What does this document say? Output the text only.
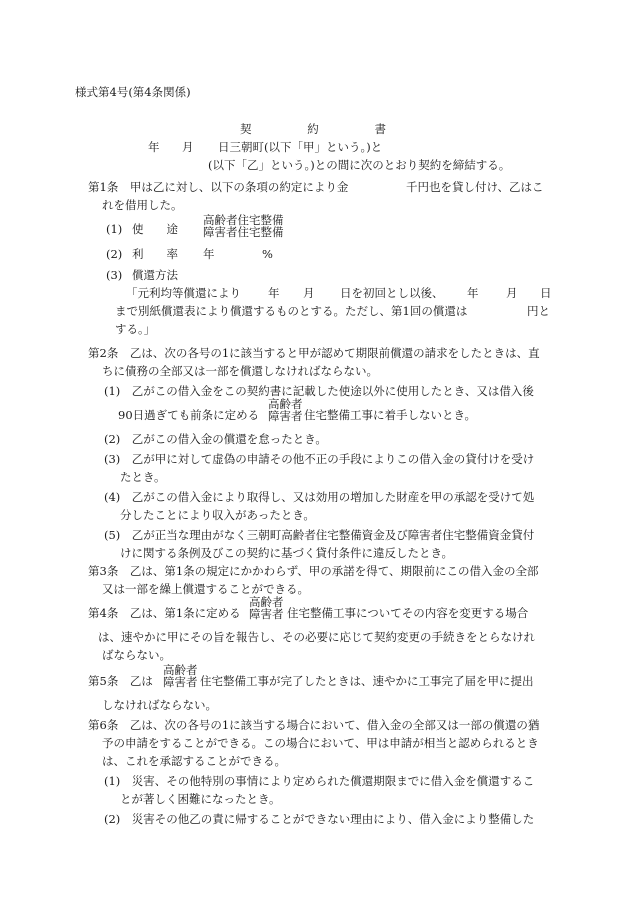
様式第4号(第4条関係)
契	約	書
年 月 日三朝町(以下「甲」という。)と
(以下「乙」という。)との間に次のとおり契約を締結する。
第1条　甲は乙に対し、以下の条項の約定により金	千円也を貸し付け、乙はこ
れを借用した。
(1) 使　　途
高齢者住宅整備
障害者住宅整備
(2) 利　　率 年	%
(3) 償還方法
「元利均等償還により 年 月 日を初回とし以後、 年 月 日
まで別紙償還表により償還するものとする。ただし、第1回の償還は	円と
する。」
第2条　乙は、次の各号の1に該当すると甲が認めて期限前償還の請求をしたときは、直
ちに債務の全部又は一部を償還しなければならない。
(1)　乙がこの借入金をこの契約書に記載した使途以外に使用したとき、又は借入後
90日過ぎても前条に定める
高齢者
障害者 住宅整備工事に着手しないとき。
(2)　乙がこの借入金の償還を怠ったとき。
(3)　乙が甲に対して虚偽の申請その他不正の手段によりこの借入金の貸付けを受け
たとき。
(4)　乙がこの借入金により取得し、又は効用の増加した財産を甲の承認を受けて処
分したことにより収入があったとき。
(5)　乙が正当な理由がなく三朝町高齢者住宅整備資金及び障害者住宅整備資金貸付
けに関する条例及びこの契約に基づく貸付条件に違反したとき。
第3条　乙は、第1条の規定にかかわらず、甲の承諾を得て、期限前にこの借入金の全部
又は一部を繰上償還することができる。
第4条　乙は、第1条に定める
高齢者
障害者 住宅整備工事についてその内容を変更する場合
は、速やかに甲にその旨を報告し、その必要に応じて契約変更の手続きをとらなけれ
ばならない。
第5条　乙は
高齢者
障害者 住宅整備工事が完了したときは、速やかに工事完了届を甲に提出
しなければならない。
第6条　乙は、次の各号の1に該当する場合において、借入金の全部又は一部の償還の猶
予の申請をすることができる。この場合において、甲は申請が相当と認められるとき
は、これを承認することができる。
(1)　災害、その他特別の事情により定められた償還期限までに借入金を償還するこ
とが著しく困難になったとき。
(2)　災害その他乙の責に帰することができない理由により、借入金により整備した
